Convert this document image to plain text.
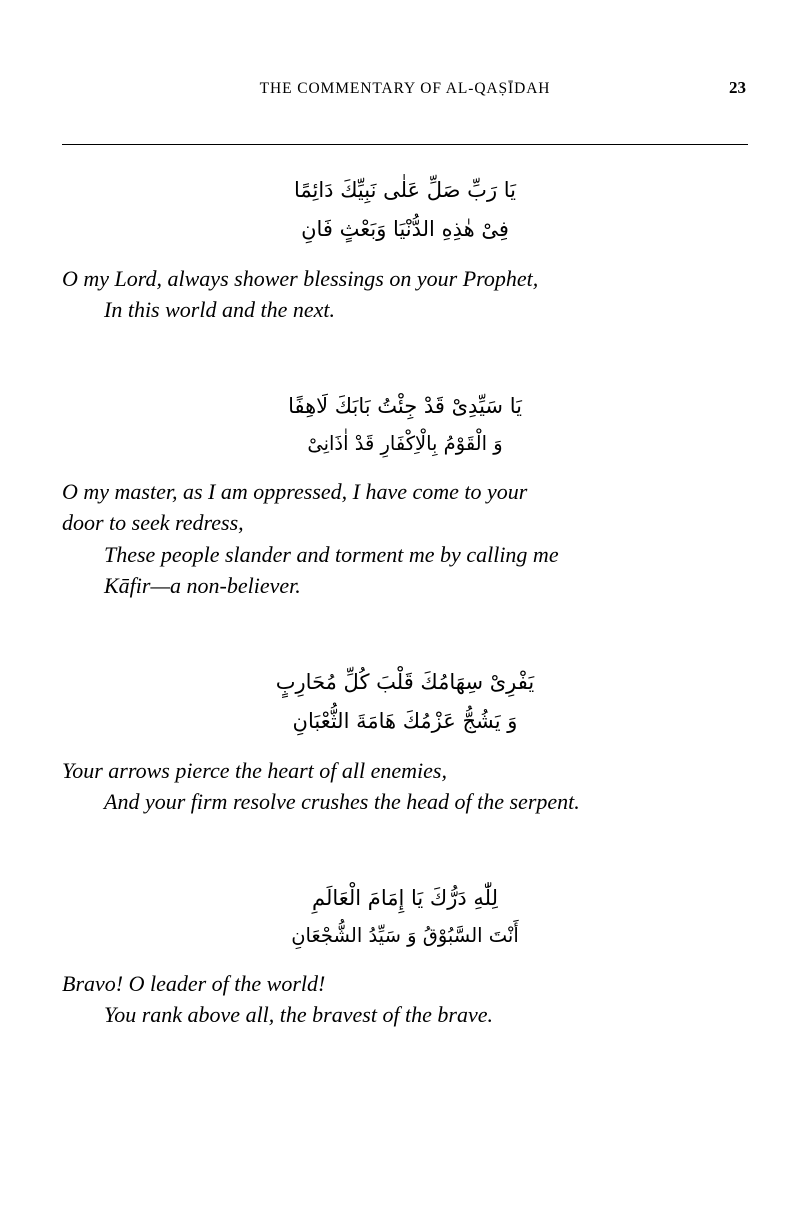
THE COMMENTARY OF AL-QAṢĪDAH	23
يَا رَبِّ صَلِّ عَلٰى نَبِيِّكَ دَائِمًا
فِىْ هٰذِهِ الدُّنْيَا وَبَعْثٍ فَانِ
O my Lord, always shower blessings on your Prophet,
In this world and the next.
يَا سَيِّدِىْ قَدْ جِئْتُ بَابَكَ لَاهِفًا
وَ الْقَوْمُ بِالْاِكْفَارِ قَدْ اٰذَانِىْ
O my master, as I am oppressed, I have come to your
door to seek redress,
These people slander and torment me by calling me
Kāfir—a non-believer.
يَفْرِىْ سِهَامُكَ قَلْبَ كُلِّ مُحَارِبٍ
وَ يَشُجُّ عَزْمُكَ هَامَةَ الثُّعْبَانِ
Your arrows pierce the heart of all enemies,
And your firm resolve crushes the head of the serpent.
لِلّٰهِ دَرُّكَ يَا إِمَامَ الْعَالَمِ
أَنْتَ السَّبُوْقُ وَ سَيِّدُ الشُّجْعَانِ
Bravo! O leader of the world!
You rank above all, the bravest of the brave.
